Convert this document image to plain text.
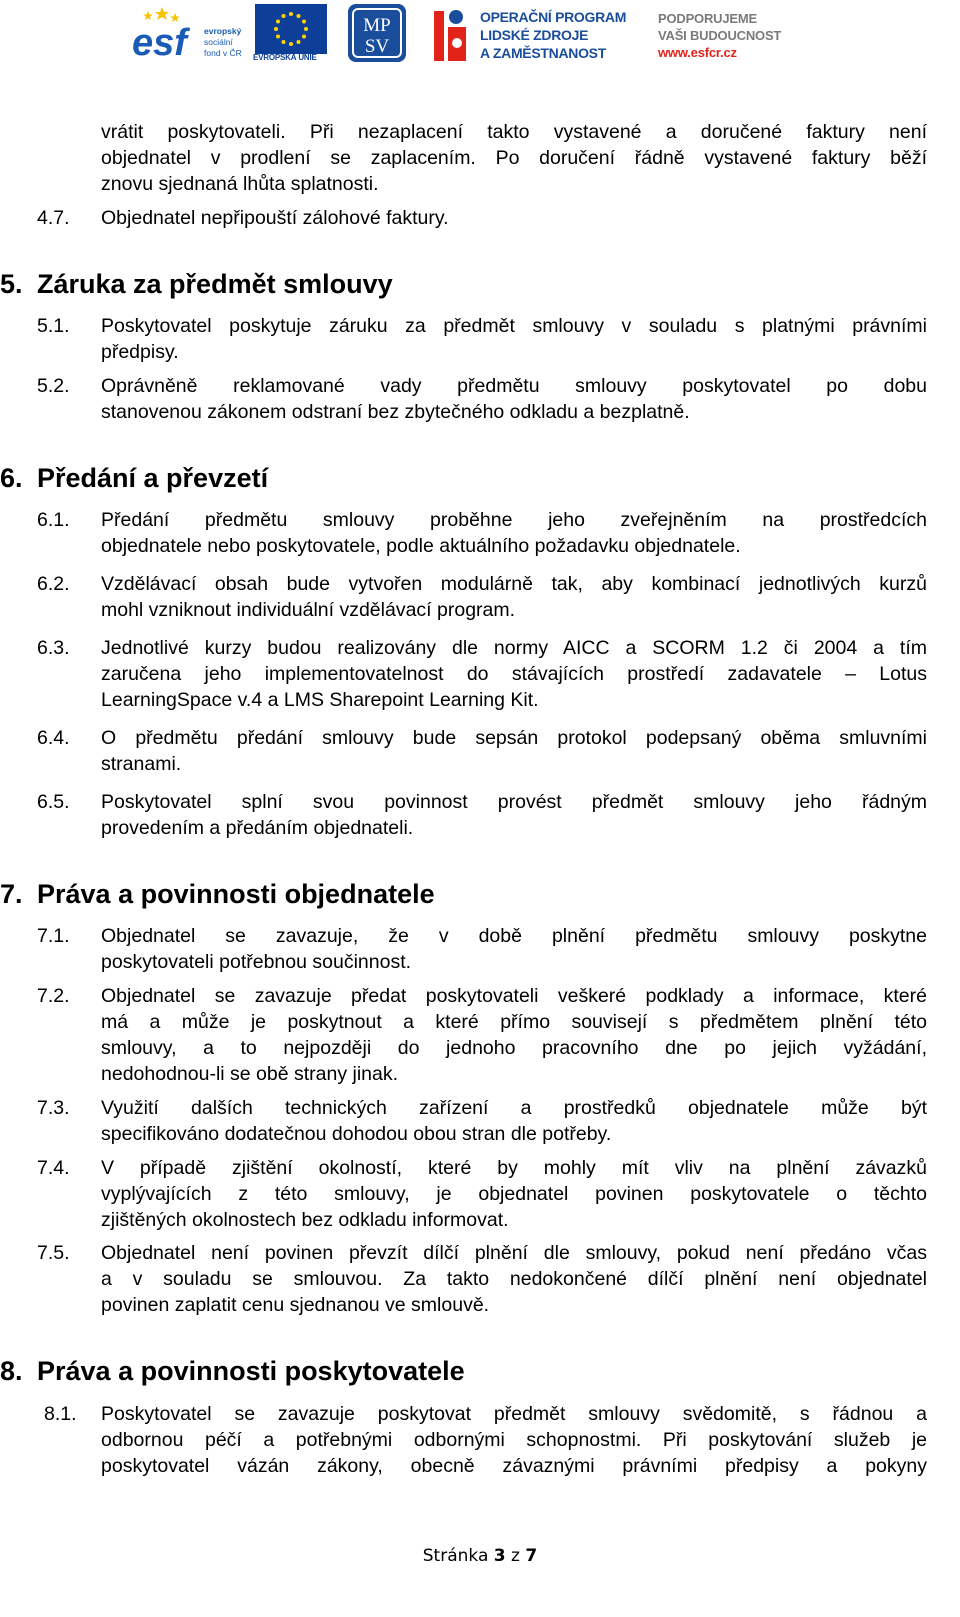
esf	evropský
sociální
fond v ČR EVROPSKÁ UNIE
MP
SV
OPERAČNÍ PROGRAM
LIDSKÉ ZDROJE
A ZAMĚSTNANOST
PODPORUJEME
VAŠI BUDOUCNOST
www.esfcr.cz
vrátit poskytovateli. Při nezaplacení takto vystavené a doručené faktury není
objednatel v prodlení se zaplacením. Po doručení řádně vystavené faktury běží
znovu sjednaná lhůta splatnosti.
4.7. Objednatel nepřipouští zálohové faktury.
5. Záruka za předmět smlouvy
5.1. Poskytovatel poskytuje záruku za předmět smlouvy v souladu s platnými právními
předpisy.
5.2. Oprávněně reklamované vady předmětu smlouvy poskytovatel po dobu
stanovenou zákonem odstraní bez zbytečného odkladu a bezplatně.
6. Předání a převzetí
6.1. Předání předmětu smlouvy proběhne jeho zveřejněním na prostředcích
objednatele nebo poskytovatele, podle aktuálního požadavku objednatele.
6.2. Vzdělávací obsah bude vytvořen modulárně tak, aby kombinací jednotlivých kurzů
mohl vzniknout individuální vzdělávací program.
6.3. Jednotlivé kurzy budou realizovány dle normy AICC a SCORM 1.2 či 2004 a tím
zaručena jeho implementovatelnost do stávajících prostředí zadavatele – Lotus
LearningSpace v.4 a LMS Sharepoint Learning Kit.
6.4. O předmětu předání smlouvy bude sepsán protokol podepsaný oběma smluvními
stranami.
6.5. Poskytovatel splní svou povinnost provést předmět smlouvy jeho řádným
provedením a předáním objednateli.
7. Práva a povinnosti objednatele
7.1. Objednatel se zavazuje, že v době plnění předmětu smlouvy poskytne
poskytovateli potřebnou součinnost.
7.2. Objednatel se zavazuje předat poskytovateli veškeré podklady a informace, které
má a může je poskytnout a které přímo souvisejí s předmětem plnění této
smlouvy, a to nejpozději do jednoho pracovního dne po jejich vyžádání,
nedohodnou-li se obě strany jinak.
7.3. Využití dalších technických zařízení a prostředků objednatele může být
specifikováno dodatečnou dohodou obou stran dle potřeby.
7.4. V případě zjištění okolností, které by mohly mít vliv na plnění závazků
vyplývajících z této smlouvy, je objednatel povinen poskytovatele o těchto
zjištěných okolnostech bez odkladu informovat.
7.5. Objednatel není povinen převzít dílčí plnění dle smlouvy, pokud není předáno včas
a v souladu se smlouvou. Za takto nedokončené dílčí plnění není objednatel
povinen zaplatit cenu sjednanou ve smlouvě.
8. Práva a povinnosti poskytovatele
8.1. Poskytovatel se zavazuje poskytovat předmět smlouvy svědomitě, s řádnou a
odbornou péčí a potřebnými odbornými schopnostmi. Při poskytování služeb je
poskytovatel vázán zákony, obecně závaznými právními předpisy a pokyny
Stránka 3 z 7
